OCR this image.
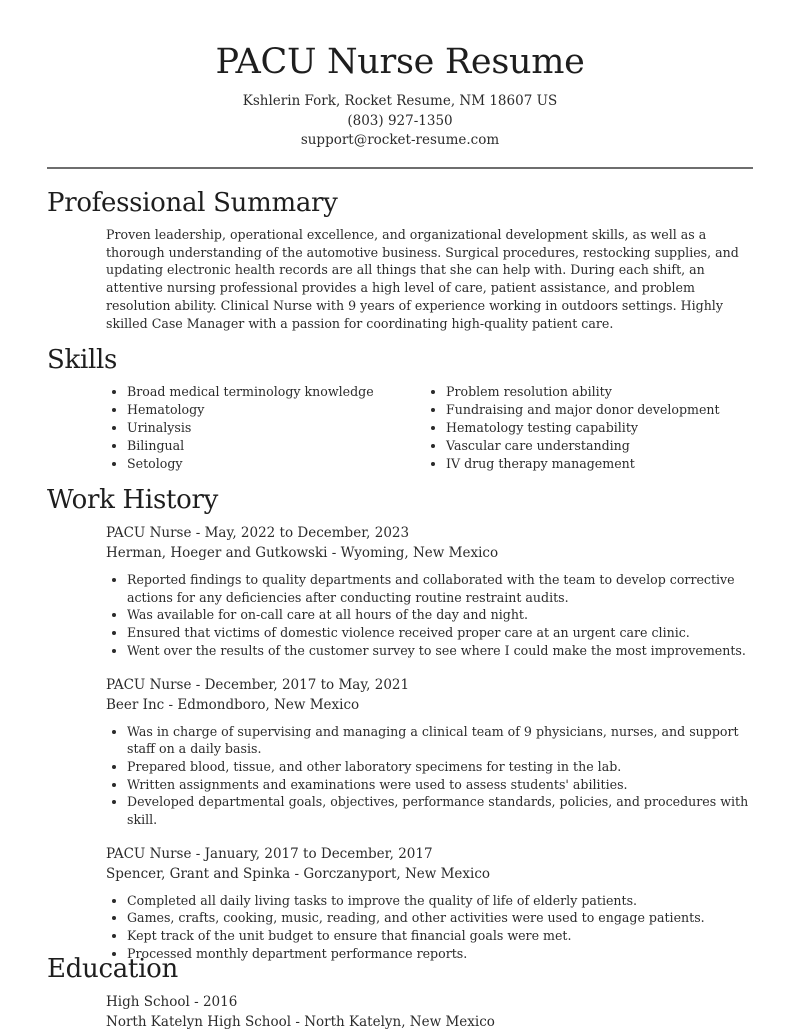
PACU Nurse Resume
Kshlerin Fork, Rocket Resume, NM 18607 US
(803) 927-1350
support@rocket-resume.com
Professional Summary

Proven leadership, operational excellence, and organizational development skills, as well as a thorough understanding of the automotive business. Surgical procedures, restocking supplies, and updating electronic health records are all things that she can help with. During each shift, an attentive nursing professional provides a high level of care, patient assistance, and problem resolution ability. Clinical Nurse with 9 years of experience working in outdoors settings. Highly skilled Case Manager with a passion for coordinating high-quality patient care.

Skills
• Broad medical terminology knowledge
• Hematology
• Urinalysis
• Bilingual
• Setology
• Problem resolution ability
• Fundraising and major donor development
• Hematology testing capability
• Vascular care understanding
• IV drug therapy management
Work History
PACU Nurse - May, 2022 to December, 2023
Herman, Hoeger and Gutkowski - Wyoming, New Mexico
• Reported findings to quality departments and collaborated with the team to develop corrective actions for any deficiencies after conducting routine restraint audits.
• Was available for on-call care at all hours of the day and night.
• Ensured that victims of domestic violence received proper care at an urgent care clinic.
• Went over the results of the customer survey to see where I could make the most improvements.
PACU Nurse - December, 2017 to May, 2021
Beer Inc - Edmondboro, New Mexico
• Was in charge of supervising and managing a clinical team of 9 physicians, nurses, and support staff on a daily basis.
• Prepared blood, tissue, and other laboratory specimens for testing in the lab.
• Written assignments and examinations were used to assess students' abilities.
• Developed departmental goals, objectives, performance standards, policies, and procedures with skill.
PACU Nurse - January, 2017 to December, 2017
Spencer, Grant and Spinka - Gorczanyport, New Mexico
• Completed all daily living tasks to improve the quality of life of elderly patients.
• Games, crafts, cooking, music, reading, and other activities were used to engage patients.
• Kept track of the unit budget to ensure that financial goals were met.
• Processed monthly department performance reports.
Education
High School - 2016
North Katelyn High School - North Katelyn, New Mexico
